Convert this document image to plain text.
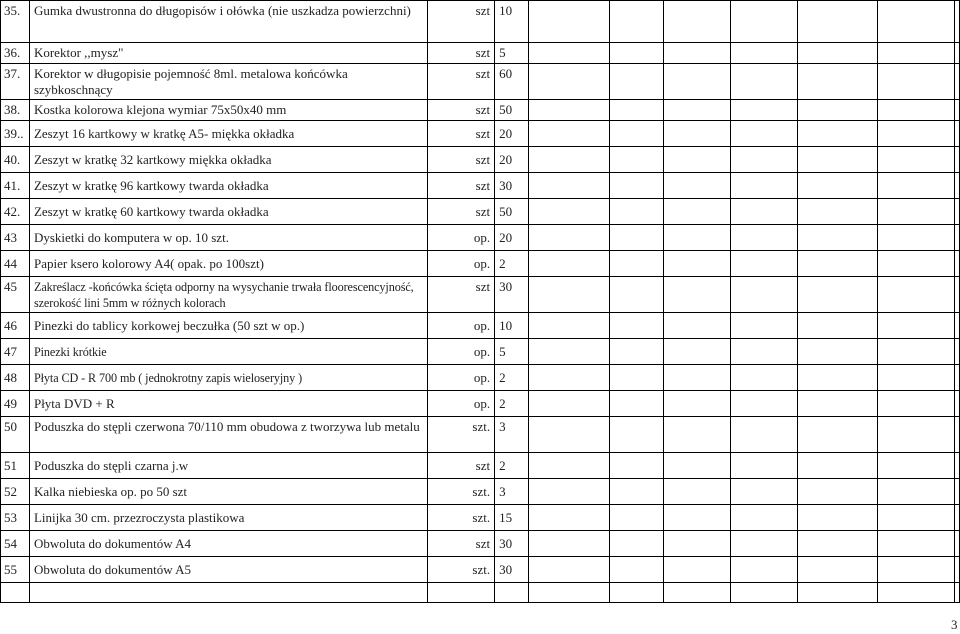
35.	Gumka dwustronna do długopisów i ołówka (nie uszkadza powierzchni)	szt	10							
36.	Korektor ,,mysz"	szt	5							
37.	Korektor w długopisie pojemność 8ml. metalowa końcówka szybkoschnący	szt	60							
38.	Kostka kolorowa klejona wymiar 75x50x40 mm	szt	50							
39..	Zeszyt 16 kartkowy w kratkę A5- miękka okładka	szt	20							
40.	Zeszyt w kratkę 32 kartkowy miękka okładka	szt	20							
41.	Zeszyt w kratkę 96 kartkowy twarda okładka	szt	30							
42.	Zeszyt w kratkę 60 kartkowy twarda okładka	szt	50							
43	Dyskietki do komputera w op. 10 szt.	op.	20							
44	Papier ksero kolorowy A4( opak. po 100szt)	op.	2							
45	Zakreślacz -końcówka ścięta odporny na wysychanie trwała floorescencyjność, szerokość lini 5mm w różnych kolorach	szt	30							
46	Pinezki do tablicy korkowej beczułka (50 szt w op.)	op.	10							
47	Pinezki krótkie	op.	5							
48	Płyta CD - R 700 mb ( jednokrotny zapis wieloseryjny )	op.	2							
49	Płyta DVD + R	op.	2							
50	Poduszka do stępli czerwona 70/110 mm obudowa z tworzywa lub metalu	szt.	3							
51	Poduszka do stępli czarna j.w	szt	2							
52	Kalka niebieska op. po 50 szt	szt.	3							
53	Linijka 30 cm. przezroczysta plastikowa	szt.	15							
54	Obwoluta do dokumentów A4	szt	30							
55	Obwoluta do dokumentów A5	szt.	30							

3
